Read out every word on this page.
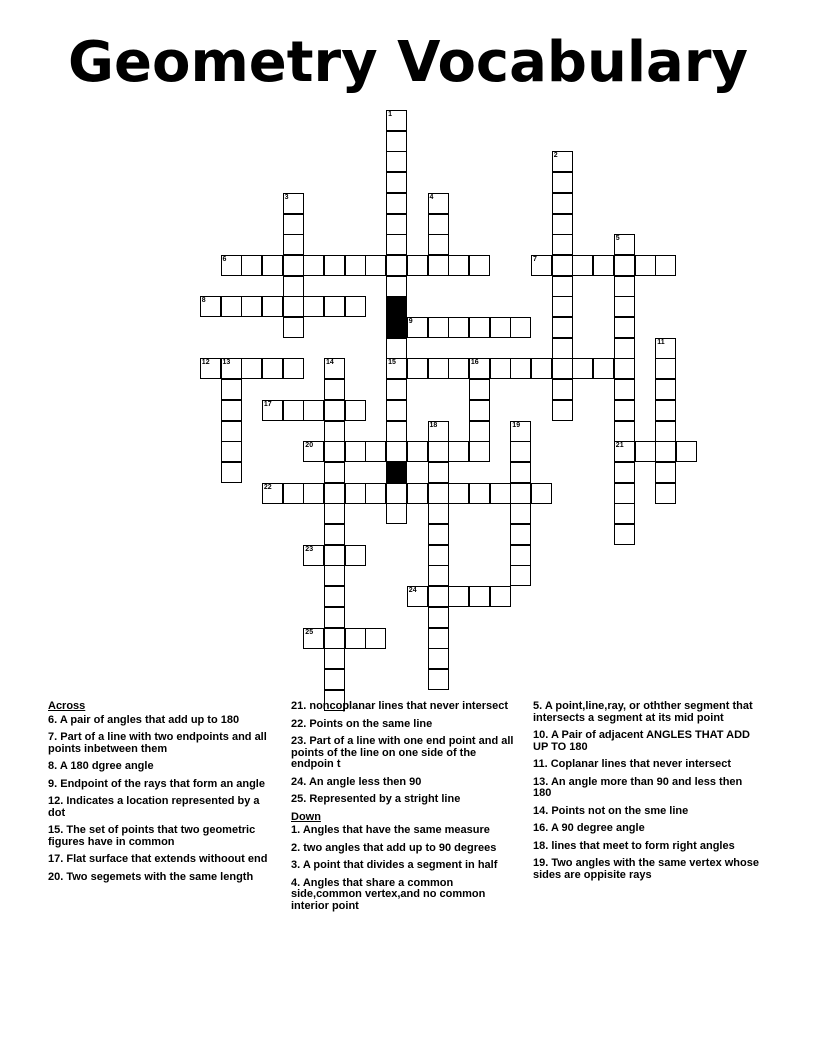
Geometry Vocabulary
1
2
3	4
5
21
6	7
8
9
15
11
12 13	14	16
17
18	19
20
22
23
24
25
Across
6. A pair of angles that add up to 180
7. Part of a line with two endpoints and all points inbetween them
8. A 180 dgree angle
9. Endpoint of the rays that form an angle
12. Indicates a location represented by a dot
15. The set of points that two geometric figures have in common
17. Flat surface that extends withoout end
20. Two segemets with the same length
21. noncoplanar lines that never intersect
22. Points on the same line
23. Part of a line with one end point and all points of the line on one side of the endpoin t
24. An angle less then 90
25. Represented by a stright line
Down
1. Angles that have the same measure
2. two angles that add up to 90 degrees
3. A point that divides a segment in half
4. Angles that share a common side,common vertex,and no common interior point
5. A point,line,ray, or othther segment that intersects a segment at its mid point
10. A Pair of adjacent ANGLES THAT ADD UP TO 180
11. Coplanar lines that never intersect
13. An angle more than 90 and less then 180
14. Points not on the sme line
16. A 90 degree angle
18. lines that meet to form right angles
19. Two angles with the same vertex whose sides are oppisite rays
